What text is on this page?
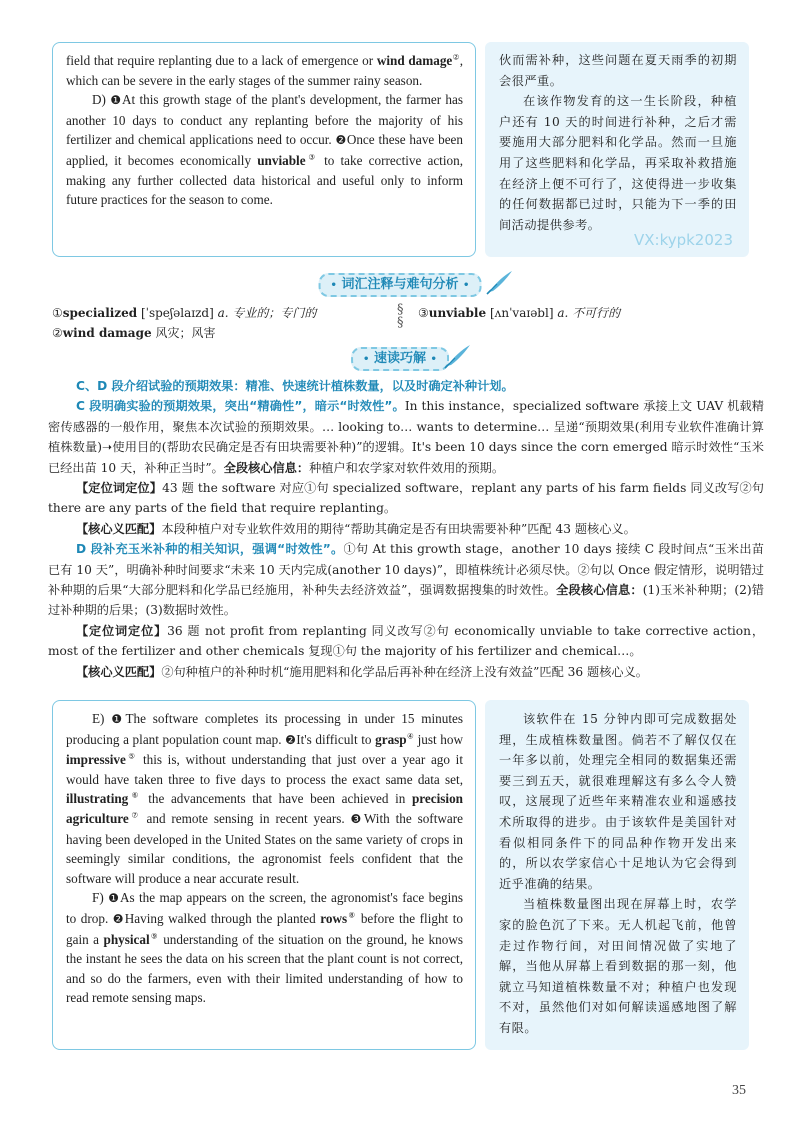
field that require replanting due to a lack of emergence or wind damage②, which can be severe in the early stages of the summer rainy season.

D) ❶At this growth stage of the plant's development, the farmer has another 10 days to conduct any replanting before the majority of his fertilizer and chemical applications need to occur. ❷Once these have been applied, it becomes economically unviable③ to take corrective action, making any further collected data historical and useful only to inform future practices for the season to come.

伙而需补种，这些问题在夏天雨季的初期会很严重。

在该作物发育的这一生长阶段，种植户还有 10 天的时间进行补种，之后才需要施用大部分肥料和化学品。然而一旦施用了这些肥料和化学品，再采取补救措施在经济上便不可行了，这使得进一步收集的任何数据都已过时，只能为下一季的田间活动提供参考。

VX:kypk2023
• 词汇注释与难句分析 •
①specialized [ˈspeʃəlaɪzd] a. 专业的；专门的
②wind damage 风灾；风害
§
§
③unviable [ʌnˈvaɪəbl] a. 不可行的
• 速读巧解 •

C、D 段介绍试验的预期效果：精准、快速统计植株数量，以及时确定补种计划。

C 段明确实验的预期效果，突出“精确性”，暗示“时效性”。In this instance，specialized software 承接上文 UAV 机载精密传感器的一般作用，聚焦本次试验的预期效果。… looking to… wants to determine… 呈递“预期效果(利用专业软件准确计算植株数量)➝使用目的(帮助农民确定是否有田块需要补种)”的逻辑。It's been 10 days since the corn emerged 暗示时效性“玉米已经出苗 10 天，补种正当时”。全段核心信息：种植户和农学家对软件效用的预期。

【定位词定位】43 题 the software 对应①句 specialized software，replant any parts of his farm fields 同义改写②句 there are any parts of the field that require replanting。

【核心义匹配】本段种植户对专业软件效用的期待“帮助其确定是否有田块需要补种”匹配 43 题核心义。

D 段补充玉米补种的相关知识，强调“时效性”。①句 At this growth stage，another 10 days 接续 C 段时间点“玉米出苗已有 10 天”，明确补种时间要求“未来 10 天内完成(another 10 days)”，即植株统计必须尽快。②句以 Once 假定情形，说明错过补种期的后果“大部分肥料和化学品已经施用，补种失去经济效益”，强调数据搜集的时效性。全段核心信息：(1)玉米补种期；(2)错过补种期的后果；(3)数据时效性。

【定位词定位】36 题 not profit from replanting 同义改写②句 economically unviable to take corrective action，most of the fertilizer and other chemicals 复现①句 the majority of his fertilizer and chemical…。

【核心义匹配】②句种植户的补种时机“施用肥料和化学品后再补种在经济上没有效益”匹配 36 题核心义。

E) ❶The software completes its processing in under 15 minutes producing a plant population count map. ❷It's difficult to grasp④ just how impressive⑤ this is, without understanding that just over a year ago it would have taken three to five days to process the exact same data set, illustrating⑥ the advancements that have been achieved in precision agriculture⑦ and remote sensing in recent years. ❸With the software having been developed in the United States on the same variety of crops in seemingly similar conditions, the agronomist feels confident that the software will produce a near accurate result.

F) ❶As the map appears on the screen, the agronomist's face begins to drop. ❷Having walked through the planted rows⑧ before the flight to gain a physical⑨ understanding of the situation on the ground, he knows the instant he sees the data on his screen that the plant count is not correct, and so do the farmers, even with their limited understanding of how to read remote sensing maps.

该软件在 15 分钟内即可完成数据处理，生成植株数量图。倘若不了解仅仅在一年多以前，处理完全相同的数据集还需要三到五天，就很难理解这有多么令人赞叹，这展现了近些年来精准农业和遥感技术所取得的进步。由于该软件是美国针对看似相同条件下的同品种作物开发出来的，所以农学家信心十足地认为它会得到近乎准确的结果。

当植株数量图出现在屏幕上时，农学家的脸色沉了下来。无人机起飞前，他曾走过作物行间，对田间情况做了实地了解，当他从屏幕上看到数据的那一刻，他就立马知道植株数量不对；种植户也发现不对，虽然他们对如何解读遥感地图了解有限。

35
